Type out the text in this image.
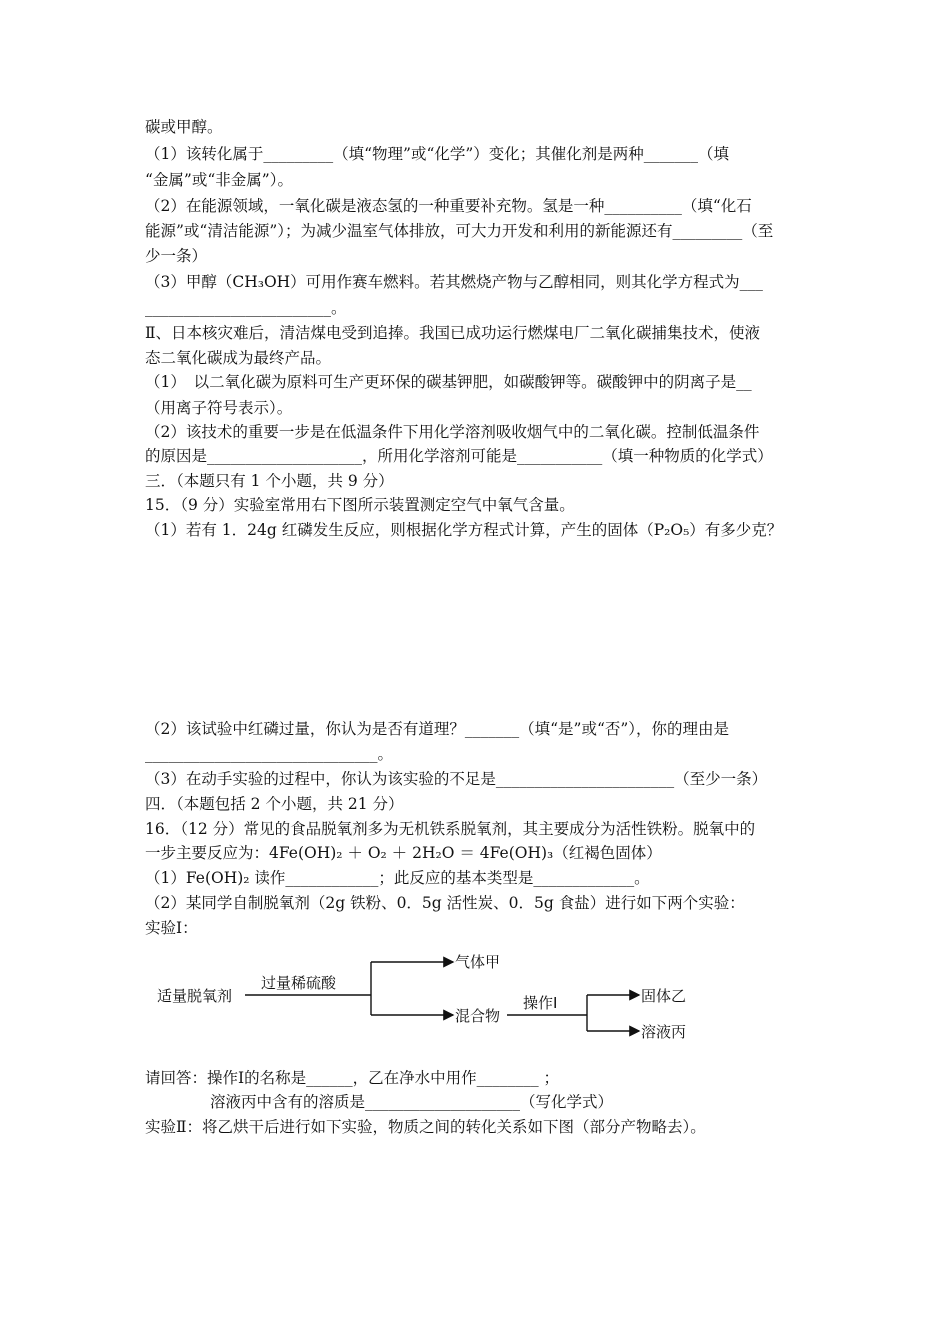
碳或甲醇。
（1）该转化属于_________（填“物理”或“化学”）变化；其催化剂是两种_______（填
“金属”或“非金属”）。
（2）在能源领域，一氧化碳是液态氢的一种重要补充物。氢是一种__________（填“化石
能源”或“清洁能源”）；为减少温室气体排放，可大力开发和利用的新能源还有_________（至
少一条）
（3）甲醇（CH₃OH）可用作赛车燃料。若其燃烧产物与乙醇相同，则其化学方程式为___
________________________。
Ⅱ、日本核灾难后，清洁煤电受到追捧。我国已成功运行燃煤电厂二氧化碳捕集技术，使液
态二氧化碳成为最终产品。
（1）　以二氧化碳为原料可生产更环保的碳基钾肥，如碳酸钾等。碳酸钾中的阴离子是__
（用离子符号表示）。
（2）该技术的重要一步是在低温条件下用化学溶剂吸收烟气中的二氧化碳。控制低温条件
的原因是____________________，所用化学溶剂可能是___________（填一种物质的化学式）
三．（本题只有 1 个小题，共 9 分）
15．（9 分）实验室常用右下图所示装置测定空气中氧气含量。
（1）若有 1．24g 红磷发生反应，则根据化学方程式计算，产生的固体（P₂O₅）有多少克？
（2）该试验中红磷过量，你认为是否有道理？_______（填“是”或“否”），你的理由是
______________________________。
（3）在动手实验的过程中，你认为该实验的不足是_______________________（至少一条）
四．（本题包括 2 个小题，共 21 分）
16．（12 分）常见的食品脱氧剂多为无机铁系脱氧剂，其主要成分为活性铁粉。脱氧中的
一步主要反应为：4Fe(OH)₂ ＋ O₂ ＋ 2H₂O ＝ 4Fe(OH)₃（红褐色固体）
（1）Fe(OH)₂ 读作____________；此反应的基本类型是_____________。
（2）某同学自制脱氧剂（2g 铁粉、0．5g 活性炭、0．5g 食盐）进行如下两个实验：
实验Ⅰ：
适量脱氧剂
过量稀硫酸
气体甲
混合物
操作Ⅰ	固体乙
溶液丙
请回答：操作Ⅰ的名称是______，乙在净水中用作________ ；
溶液丙中含有的溶质是____________________（写化学式）
实验Ⅱ：将乙烘干后进行如下实验，物质之间的转化关系如下图（部分产物略去）。
